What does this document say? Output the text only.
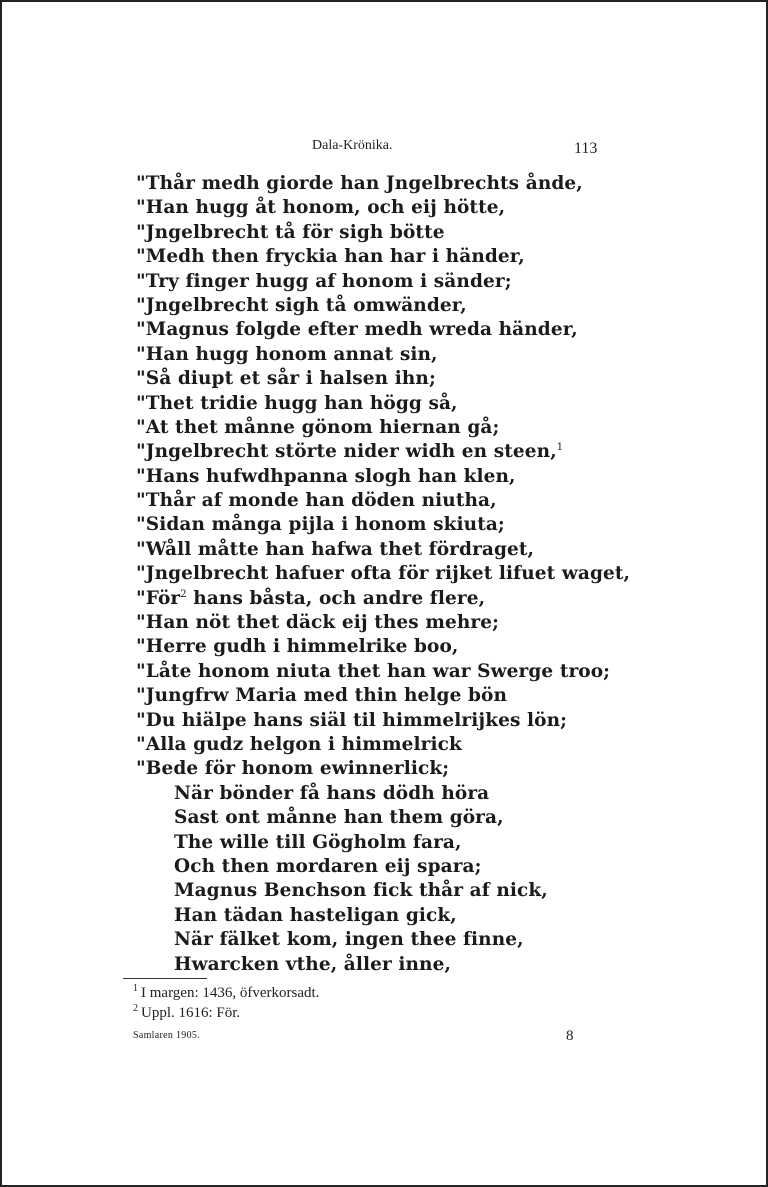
Dala-Krönika.	113
"Thår medh giorde han Jngelbrechts ånde,
"Han hugg åt honom, och eij hötte,
"Jngelbrecht tå för sigh bötte
"Medh then fryckia han har i händer,
"Try finger hugg af honom i sänder;
"Jngelbrecht sigh tå omwänder,
"Magnus folgde efter medh wreda händer,
"Han hugg honom annat sin,
"Så diupt et sår i halsen ihn;
"Thet tridie hugg han högg så,
"At thet månne gönom hiernan gå;
"Jngelbrecht störte nider widh en steen,$^1$
"Hans hufwdhpanna slogh han klen,
"Thår af monde han döden niutha,
"Sidan många pijla i honom skiuta;
"Wåll måtte han hafwa thet fördraget,
"Jngelbrecht hafuer ofta för rijket lifuet waget,
"För$^2$ hans båsta, och andre flere,
"Han nöt thet däck eij thes mehre;
"Herre gudh i himmelrike boo,
"Låte honom niuta thet han war Swerge troo;
"Jungfrw Maria med thin helge bön
"Du hiälpe hans siäl til himmelrijkes lön;
"Alla gudz helgon i himmelrick
"Bede för honom ewinnerlick;
När bönder få hans dödh höra
Sast ont månne han them göra,
The wille till Gögholm fara,
Och then mordaren eij spara;
Magnus Benchson fick thår af nick,
Han tädan hasteligan gick,
När fälket kom, ingen thee finne,
Hwarcken vthe, åller inne,
$^1$ I margen: 1436, öfverkorsadt.
$^2$ Uppl. 1616: För.
Samlaren 1905.	8
